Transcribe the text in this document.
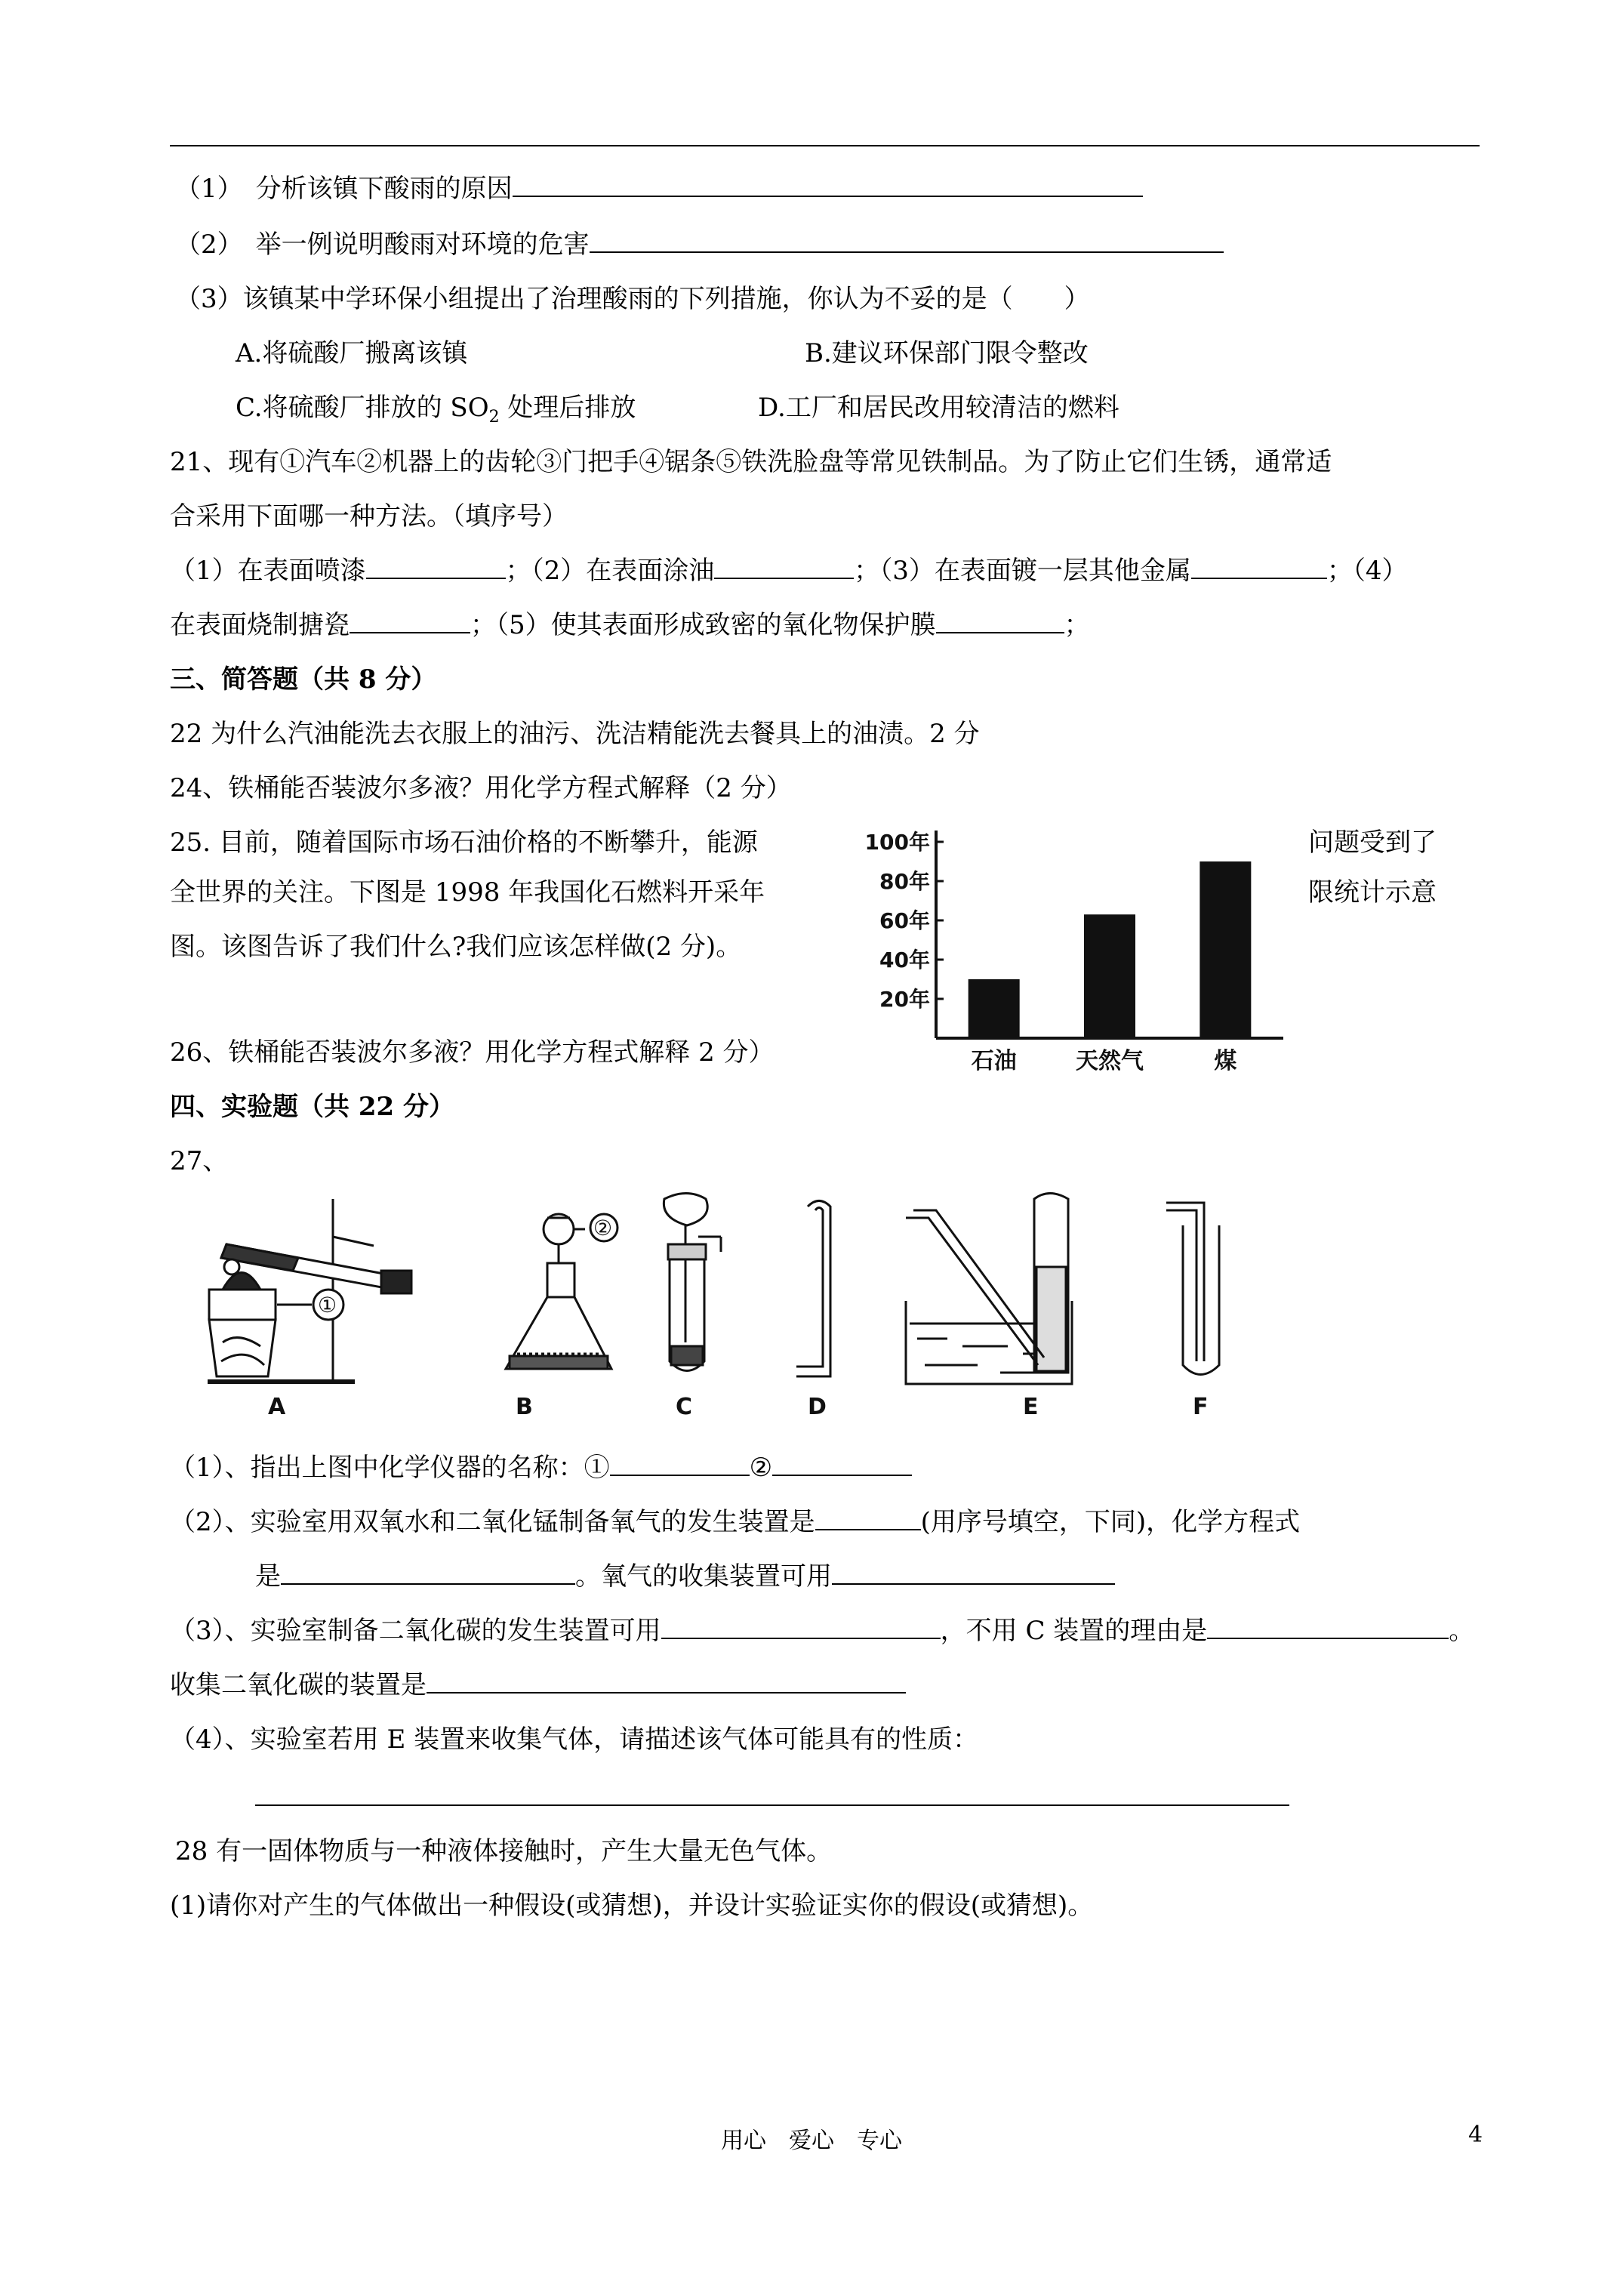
（1）　分析该镇下酸雨的原因
（2）　举一例说明酸雨对环境的危害
（3）该镇某中学环保小组提出了治理酸雨的下列措施，你认为不妥的是（　　）
A.将硫酸厂搬离该镇	B.建议环保部门限令整改
C.将硫酸厂排放的 $SO_2$ 处理后排放	D.工厂和居民改用较清洁的燃料
21、现有①汽车②机器上的齿轮③门把手④锯条⑤铁洗脸盘等常见铁制品。为了防止它们生锈，通常适
合采用下面哪一种方法。（填序号）
（1）在表面喷漆	；（2）在表面涂油	；（3）在表面镀一层其他金属	；（4）
在表面烧制搪瓷	；（5）使其表面形成致密的氧化物保护膜	；
三、简答题（共 8 分）
22 为什么汽油能洗去衣服上的油污、洗洁精能洗去餐具上的油渍。2 分
24、铁桶能否装波尔多液？用化学方程式解释（2 分）
25. 目前，随着国际市场石油价格的不断攀升，能源	问题受到了
全世界的关注。下图是 1998 年我国化石燃料开采年	限统计示意
图。该图告诉了我们什么?我们应该怎样做(2 分)。
20年
40年
60年
80年
100年
石油	天然气	煤
26、铁桶能否装波尔多液？用化学方程式解释 2 分）
四、实验题（共 22 分）
27、
A	B	C	D	E	F
①
②
（1）、指出上图中化学仪器的名称：①	②
（2）、实验室用双氧水和二氧化锰制备氧气的发生装置是	(用序号填空，下同)，化学方程式
是	。氧气的收集装置可用
（3）、实验室制备二氧化碳的发生装置可用	，不用 C 装置的理由是	。
收集二氧化碳的装置是
（4）、实验室若用 E 装置来收集气体，请描述该气体可能具有的性质：
28 有一固体物质与一种液体接触时，产生大量无色气体。
(1)请你对产生的气体做出一种假设(或猜想)，并设计实验证实你的假设(或猜想)。
用心　爱心　专心	4
